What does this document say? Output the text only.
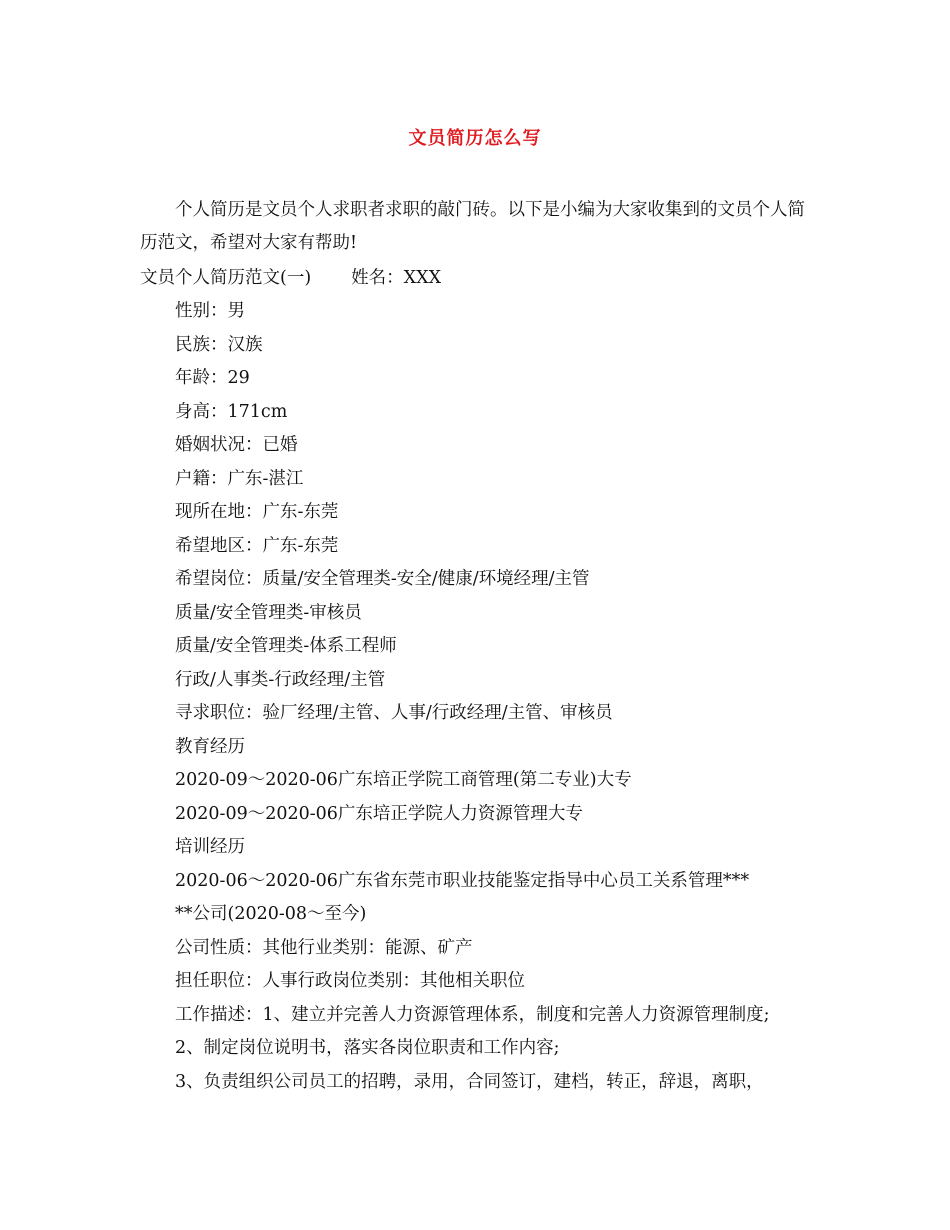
文员简历怎么写

个人简历是文员个人求职者求职的敲门砖。以下是小编为大家收集到的文员个人简历范文，希望对大家有帮助!

文员个人简历范文(一) 姓名：XXX
性别：男
民族：汉族
年龄：29
身高：171cm
婚姻状况：已婚
户籍：广东-湛江
现所在地：广东-东莞
希望地区：广东-东莞
希望岗位：质量/安全管理类-安全/健康/环境经理/主管
质量/安全管理类-审核员
质量/安全管理类-体系工程师
行政/人事类-行政经理/主管
寻求职位：验厂经理/主管、人事/行政经理/主管、审核员
教育经历
2020-09～2020-06广东培正学院工商管理(第二专业)大专
2020-09～2020-06广东培正学院人力资源管理大专
培训经历
2020-06～2020-06广东省东莞市职业技能鉴定指导中心员工关系管理***
**公司(2020-08～至今)
公司性质：其他行业类别：能源、矿产
担任职位：人事行政岗位类别：其他相关职位
工作描述：1、建立并完善人力资源管理体系，制度和完善人力资源管理制度;
2、制定岗位说明书，落实各岗位职责和工作内容;
3、负责组织公司员工的招聘，录用，合同签订，建档，转正，辞退，离职，
